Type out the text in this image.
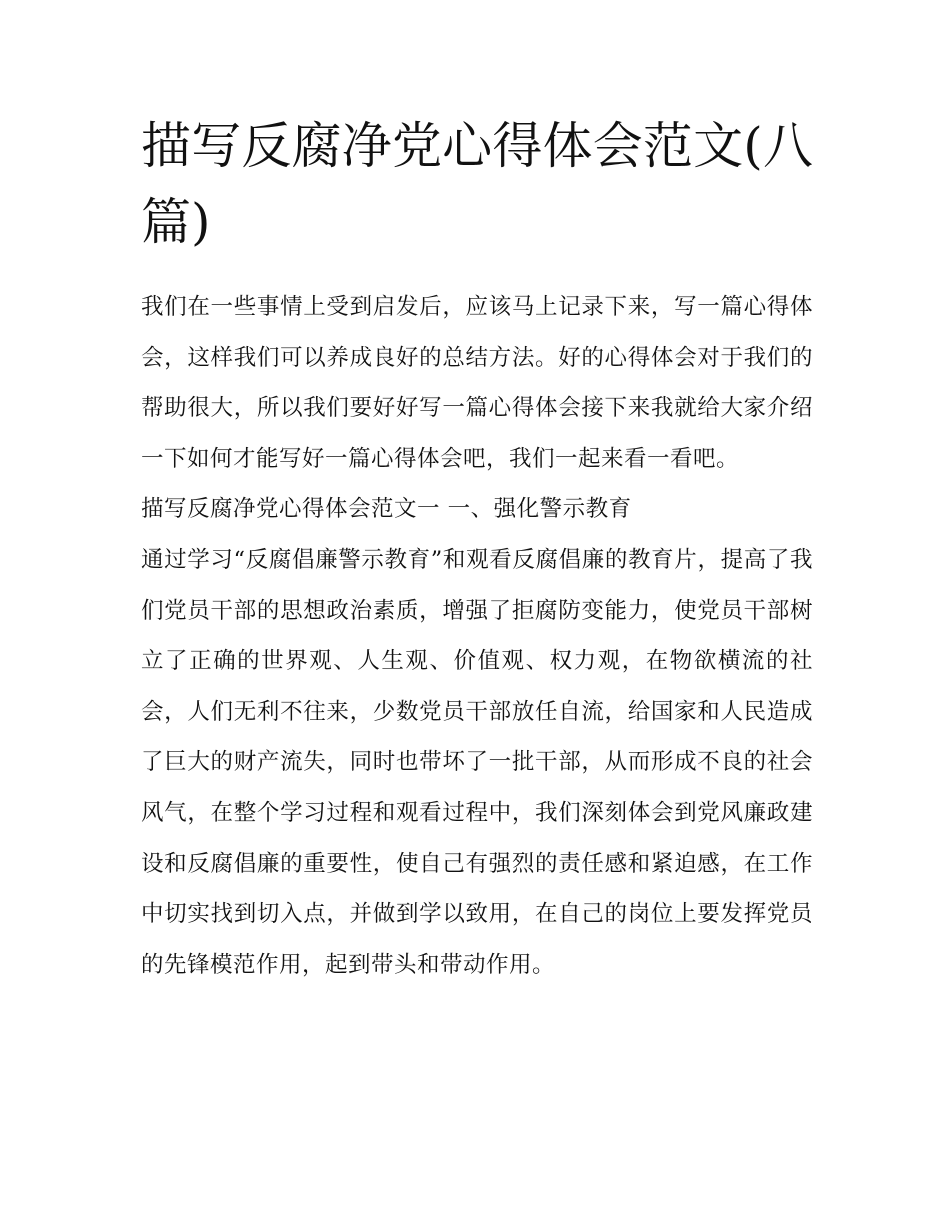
描写反腐净党心得体会范文(八篇)

我们在一些事情上受到启发后，应该马上记录下来，写一篇心得体会，这样我们可以养成良好的总结方法。好的心得体会对于我们的帮助很大，所以我们要好好写一篇心得体会接下来我就给大家介绍一下如何才能写好一篇心得体会吧，我们一起来看一看吧。

描写反腐净党心得体会范文一 一、强化警示教育

通过学习“反腐倡廉警示教育”和观看反腐倡廉的教育片，提高了我们党员干部的思想政治素质，增强了拒腐防变能力，使党员干部树立了正确的世界观、人生观、价值观、权力观，在物欲横流的社会，人们无利不往来，少数党员干部放任自流，给国家和人民造成了巨大的财产流失，同时也带坏了一批干部，从而形成不良的社会风气，在整个学习过程和观看过程中，我们深刻体会到党风廉政建设和反腐倡廉的重要性，使自己有强烈的责任感和紧迫感，在工作中切实找到切入点，并做到学以致用，在自己的岗位上要发挥党员的先锋模范作用，起到带头和带动作用。
